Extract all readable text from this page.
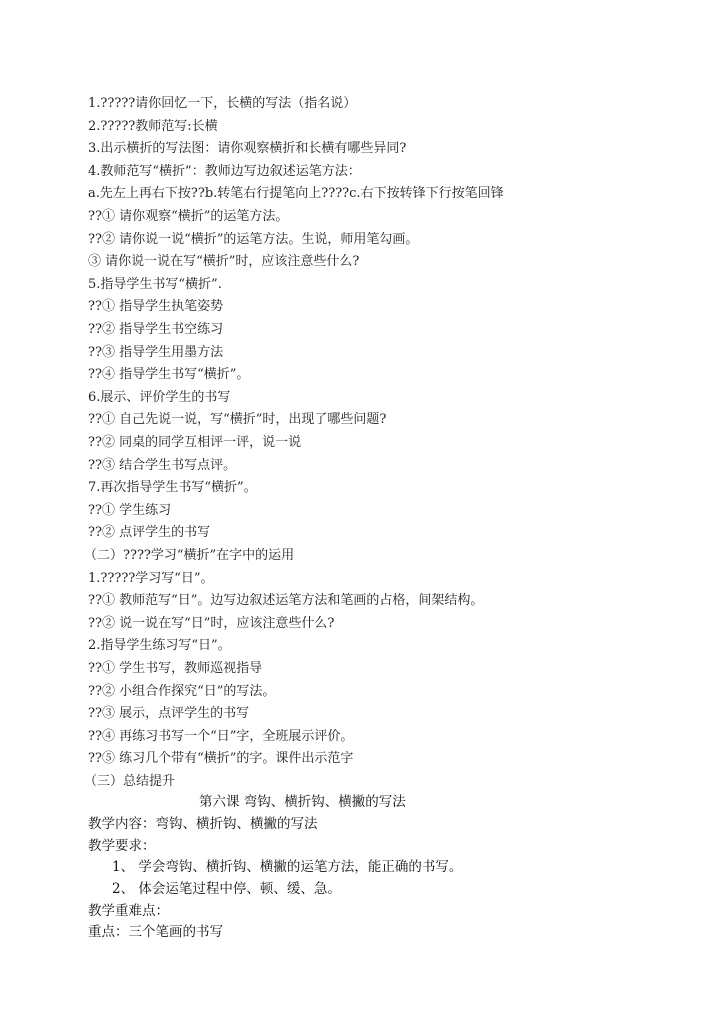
1.?????请你回忆一下，长横的写法（指名说）
2.?????教师范写:长横
3.出示横折的写法图：请你观察横折和长横有哪些异同?
4.教师范写“横折”：教师边写边叙述运笔方法：
a.先左上再右下按??b.转笔右行提笔向上????c.右下按转锋下行按笔回锋
??① 请你观察“横折”的运笔方法。
??② 请你说一说“横折”的运笔方法。生说，师用笔勾画。
③ 请你说一说在写“横折”时，应该注意些什么?
5.指导学生书写“横折”.
??① 指导学生执笔姿势
??② 指导学生书空练习
??③ 指导学生用墨方法
??④ 指导学生书写“横折”。
6.展示、评价学生的书写
??① 自己先说一说，写“横折”时，出现了哪些问题?
??② 同桌的同学互相评一评，说一说
??③ 结合学生书写点评。
7.再次指导学生书写“横折”。
??① 学生练习
??② 点评学生的书写
（二）????学习“横折”在字中的运用
1.?????学习写“日”。
??① 教师范写“日”。边写边叙述运笔方法和笔画的占格，间架结构。
??② 说一说在写“日”时，应该注意些什么?
2.指导学生练习写“日”。
??① 学生书写，教师巡视指导
??② 小组合作探究“日”的写法。
??③ 展示，点评学生的书写
??④ 再练习书写一个“日”字，全班展示评价。
??⑤ 练习几个带有“横折”的字。课件出示范字
（三）总结提升
第六课 弯钩、横折钩、横撇的写法
教学内容：弯钩、横折钩、横撇的写法
教学要求：
1、 学会弯钩、横折钩、横撇的运笔方法，能正确的书写。
2、 体会运笔过程中停、顿、缓、急。
教学重难点：
重点：三个笔画的书写
